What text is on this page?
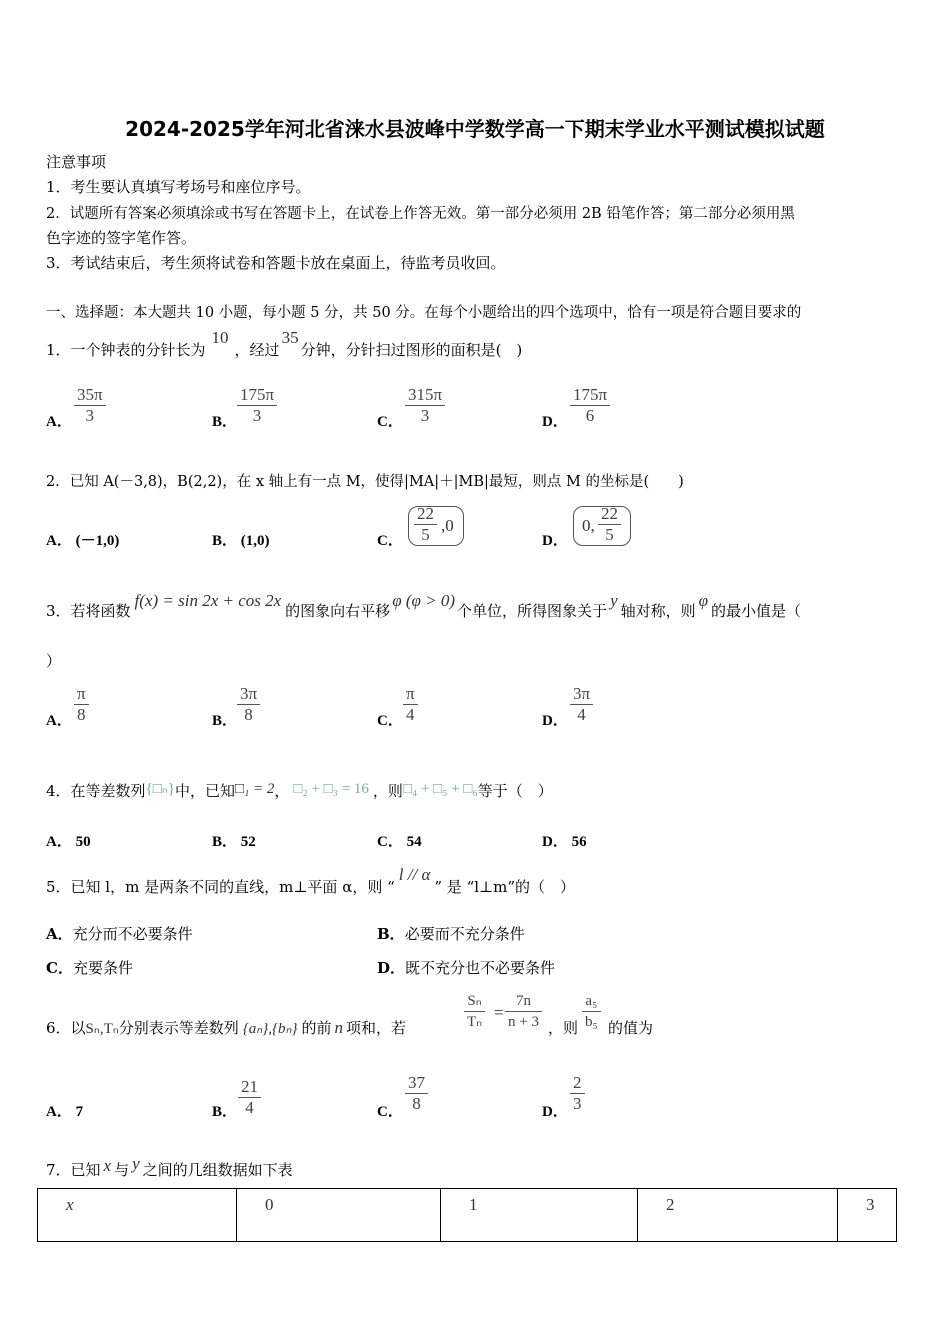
2024-2025学年河北省涞水县波峰中学数学高一下期末学业水平测试模拟试题
注意事项
1．考生要认真填写考场号和座位序号。
2．试题所有答案必须填涂或书写在答题卡上，在试卷上作答无效。第一部分必须用 2B 铅笔作答；第二部分必须用黑
色字迹的签字笔作答。
3．考试结束后，考生须将试卷和答题卡放在桌面上，待监考员收回。
一、选择题：本大题共 10 小题，每小题 5 分，共 50 分。在每个小题给出的四个选项中，恰有一项是符合题目要求的
1．一个钟表的分针长为10，经过35分钟，分针扫过图形的面积是(　)
A． $\frac{35\pi}{3}$	B． $\frac{175\pi}{3}$	C． $\frac{315\pi}{3}$	D． $\frac{175\pi}{6}$
2．已知 A(－3,8)，B(2,2)，在 x 轴上有一点 M，使得|MA|＋|MB|最短，则点 M 的坐标是(　　)
A． (－1,0)	B． (1,0)	C． $\frac{22}{5} ,0$
D．
0, $\frac{22}{5}$
3．若将函数f(x) = sin 2x + cos 2x的图象向右平移φ (φ > 0)个单位，所得图象关于y轴对称，则φ的最小值是（
）
A． $\frac{\pi}{8}$	B． $\frac{3\pi}{8}$	C． $\frac{\pi}{4}$	D． $\frac{3\pi}{4}$
4．在等差数列{□ₙ}中，已知□₁ = 2， □₂ + □₃ = 16 ，则□₄ + □₅ + □₆等于（　）
A． 50	B． 52	C． 54	D． 56
5．已知 l，m 是两条不同的直线，m⊥平面 α，则 “l // α” 是 “l⊥m”的（　）
A．充分而不必要条件	B．必要而不充分条件
C．充要条件	D．既不充分也不必要条件
6．以Sₙ,Tₙ分别表示等差数列 {aₙ},{bₙ} 的前 n 项和，若	$\frac{\text{Sₙ}}{\text{Tₙ}} = \frac{7n}{n + 3}$ ，则 $\frac{\text{a₅}}{\text{b₅}}$ 的值为
A． 7	B． $\frac{21}{4}$	C． $\frac{37}{8}$	D． $\frac{2}{3}$
7．已知 x 与 y 之间的几组数据如下表
x	0	1	2	3
